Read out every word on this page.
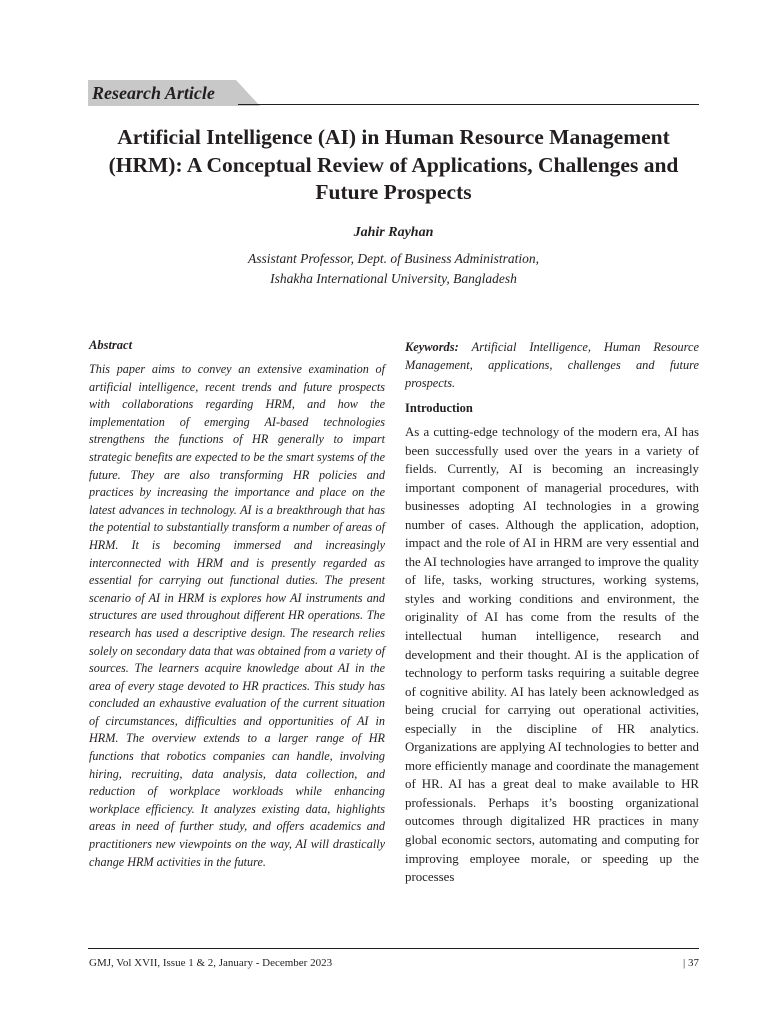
Research Article
Artificial Intelligence (AI) in Human Resource Management (HRM): A Conceptual Review of Applications, Challenges and Future Prospects
Jahir Rayhan
Assistant Professor, Dept. of Business Administration,
Ishakha International University, Bangladesh
Abstract

This paper aims to convey an extensive examination of artificial intelligence, recent trends and future prospects with collaborations regarding HRM, and how the implementation of emerging AI-based technologies strengthens the functions of HR generally to impart strategic benefits are expected to be the smart systems of the future. They are also transforming HR policies and practices by increasing the importance and place on the latest advances in technology. AI is a breakthrough that has the potential to substantially transform a number of areas of HRM. It is becoming immersed and increasingly interconnected with HRM and is presently regarded as essential for carrying out functional duties. The present scenario of AI in HRM is explores how AI instruments and structures are used throughout different HR operations. The research has used a descriptive design. The research relies solely on secondary data that was obtained from a variety of sources. The learners acquire knowledge about AI in the area of every stage devoted to HR practices. This study has concluded an exhaustive evaluation of the current situation of circumstances, difficulties and opportunities of AI in HRM. The overview extends to a larger range of HR functions that robotics companies can handle, involving hiring, recruiting, data analysis, data collection, and reduction of workplace workloads while enhancing workplace efficiency. It analyzes existing data, highlights areas in need of further study, and offers academics and practitioners new viewpoints on the way, AI will drastically change HRM activities in the future.

Keywords: Artificial Intelligence, Human Resource Management, applications, challenges and future prospects.

Introduction

As a cutting-edge technology of the modern era, AI has been successfully used over the years in a variety of fields. Currently, AI is becoming an increasingly important component of managerial procedures, with businesses adopting AI technologies in a growing number of cases. Although the application, adoption, impact and the role of AI in HRM are very essential and the AI technologies have arranged to improve the quality of life, tasks, working structures, working systems, styles and working conditions and environment, the originality of AI has come from the results of the intellectual human intelligence, research and development and their thought. AI is the application of technology to perform tasks requiring a suitable degree of cognitive ability. AI has lately been acknowledged as being crucial for carrying out operational activities, especially in the discipline of HR analytics. Organizations are applying AI technologies to better and more efficiently manage and coordinate the management of HR. AI has a great deal to make available to HR professionals. Perhaps it’s boosting organizational outcomes through digitalized HR practices in many global economic sectors, automating and computing for improving employee morale, or speeding up the processes

GMJ, Vol XVII, Issue 1 & 2, January - December 2023	| 37
